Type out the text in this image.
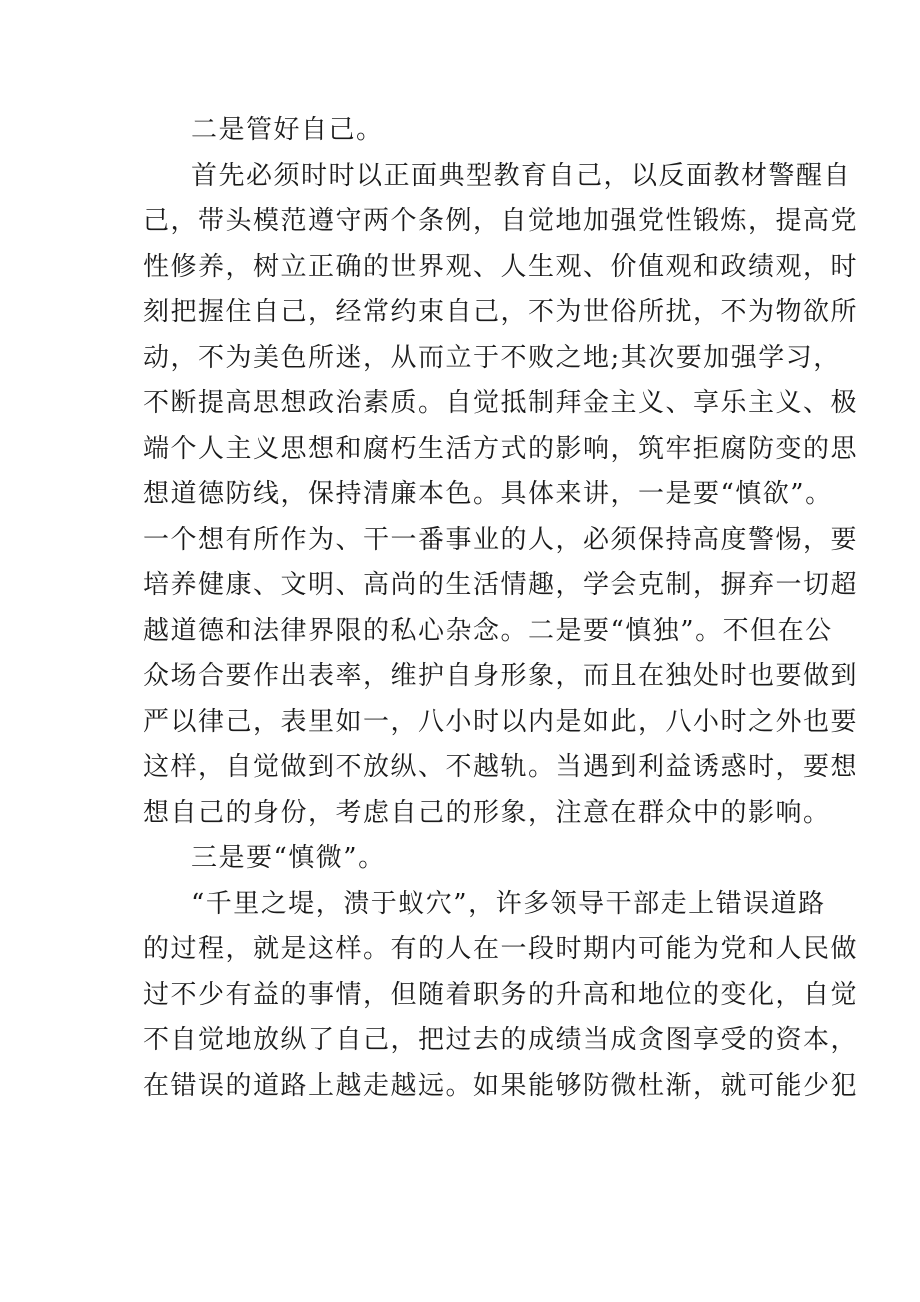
二是管好自己。
首先必须时时以正面典型教育自己，以反面教材警醒自
己，带头模范遵守两个条例，自觉地加强党性锻炼，提高党
性修养，树立正确的世界观、人生观、价值观和政绩观，时
刻把握住自己，经常约束自己，不为世俗所扰，不为物欲所
动，不为美色所迷，从而立于不败之地;其次要加强学习，
不断提高思想政治素质。自觉抵制拜金主义、享乐主义、极
端个人主义思想和腐朽生活方式的影响，筑牢拒腐防变的思
想道德防线，保持清廉本色。具体来讲，一是要“慎欲”。
一个想有所作为、干一番事业的人，必须保持高度警惕，要
培养健康、文明、高尚的生活情趣，学会克制，摒弃一切超
越道德和法律界限的私心杂念。二是要“慎独”。不但在公
众场合要作出表率，维护自身形象，而且在独处时也要做到
严以律己，表里如一，八小时以内是如此，八小时之外也要
这样，自觉做到不放纵、不越轨。当遇到利益诱惑时，要想
想自己的身份，考虑自己的形象，注意在群众中的影响。
三是要“慎微”。
“千里之堤，溃于蚁穴”，许多领导干部走上错误道路
的过程，就是这样。有的人在一段时期内可能为党和人民做
过不少有益的事情，但随着职务的升高和地位的变化，自觉
不自觉地放纵了自己，把过去的成绩当成贪图享受的资本，
在错误的道路上越走越远。如果能够防微杜渐，就可能少犯
